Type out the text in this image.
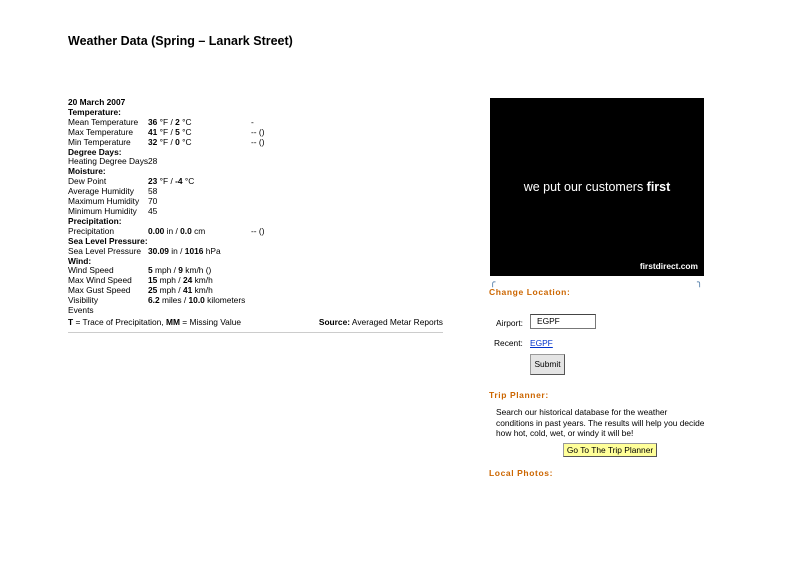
Weather Data (Spring – Lanark Street)
20 March 2007
Temperature:
Mean Temperature	36 °F / 2 °C	-
Max Temperature	41 °F / 5 °C	-- ()
Min Temperature	32 °F / 0 °C	-- ()
Degree Days:
Heating Degree Days 28
Moisture:
Dew Point	23 °F / -4 °C
Average Humidity	58
Maximum Humidity	70
Minimum Humidity	45
Precipitation:
Precipitation	0.00 in / 0.0 cm	-- ()
Sea Level Pressure:
Sea Level Pressure 30.09 in / 1016 hPa
Wind:
Wind Speed	5 mph / 9 km/h ()
Max Wind Speed	15 mph / 24 km/h
Max Gust Speed	25 mph / 41 km/h
Visibility	6.2 miles / 10.0 kilometers
Events
T = Trace of Precipitation, MM = Missing Value	Source: Averaged Metar Reports
we put our customers first
firstdirect.com
╭	╮
Change Location:
Airport:	EGPF
Recent: EGPF
Submit
Trip Planner:
Search our historical database for the weather conditions in past years. The results will help you decide how hot, cold, wet, or windy it will be!
Go To The Trip Planner
Local Photos:
